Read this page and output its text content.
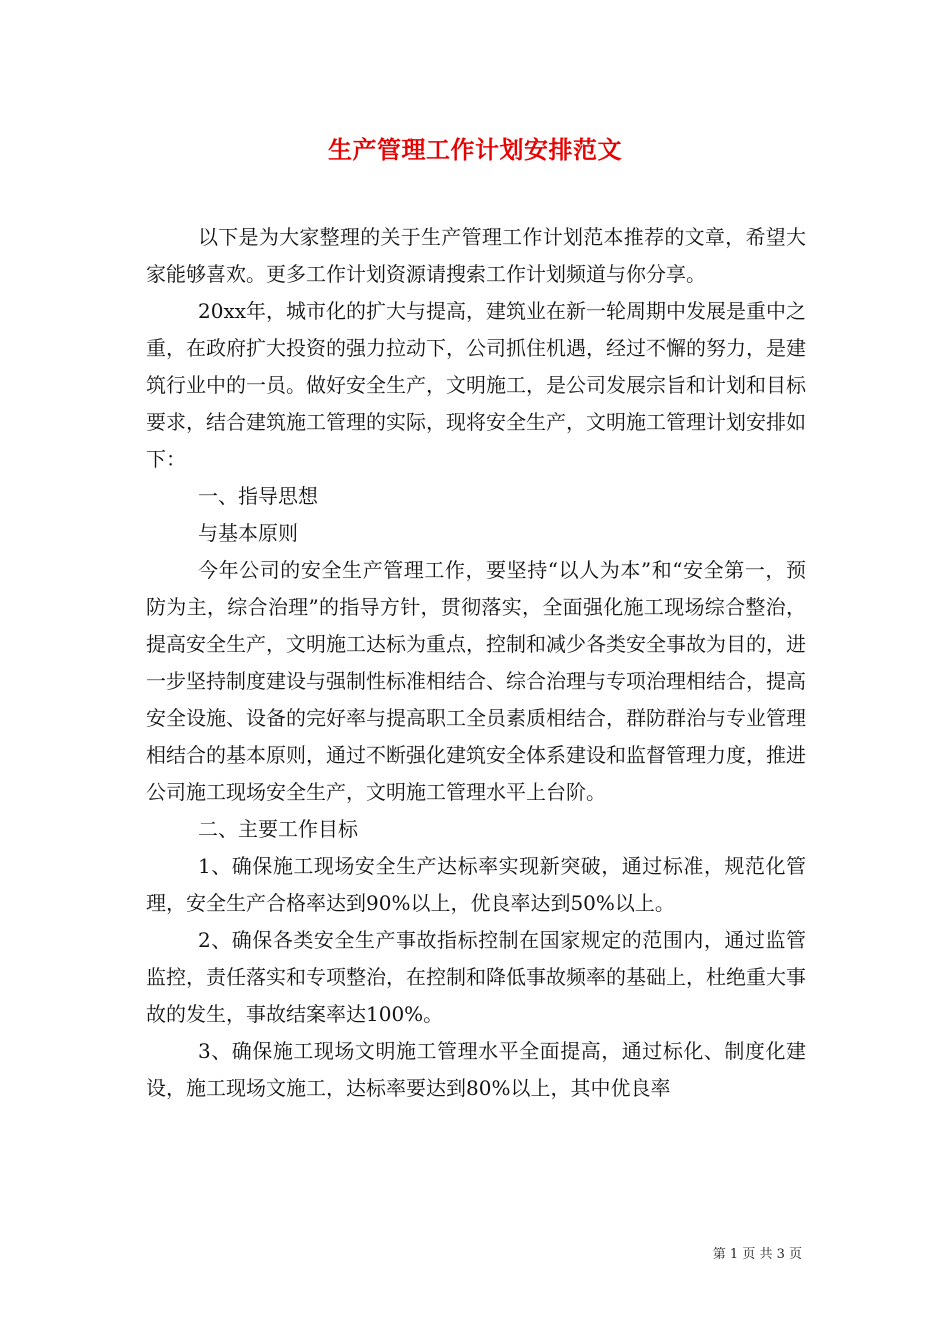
生产管理工作计划安排范文

以下是为大家整理的关于生产管理工作计划范本推荐的文章，希望大家能够喜欢。更多工作计划资源请搜索工作计划频道与你分享。

20xx年，城市化的扩大与提高，建筑业在新一轮周期中发展是重中之重，在政府扩大投资的强力拉动下，公司抓住机遇，经过不懈的努力，是建筑行业中的一员。做好安全生产，文明施工，是公司发展宗旨和计划和目标要求，结合建筑施工管理的实际，现将安全生产，文明施工管理计划安排如下：

一、指导思想

与基本原则

今年公司的安全生产管理工作，要坚持“以人为本”和“安全第一，预防为主，综合治理”的指导方针，贯彻落实，全面强化施工现场综合整治，提高安全生产，文明施工达标为重点，控制和减少各类安全事故为目的，进一步坚持制度建设与强制性标准相结合、综合治理与专项治理相结合，提高安全设施、设备的完好率与提高职工全员素质相结合，群防群治与专业管理相结合的基本原则，通过不断强化建筑安全体系建设和监督管理力度，推进公司施工现场安全生产，文明施工管理水平上台阶。

二、主要工作目标

1、确保施工现场安全生产达标率实现新突破，通过标准，规范化管理，安全生产合格率达到90%以上，优良率达到50%以上。

2、确保各类安全生产事故指标控制在国家规定的范围内，通过监管监控，责任落实和专项整治，在控制和降低事故频率的基础上，杜绝重大事故的发生，事故结案率达100%。

3、确保施工现场文明施工管理水平全面提高，通过标化、制度化建设，施工现场文施工，达标率要达到80%以上，其中优良率

第 1 页 共 3 页
